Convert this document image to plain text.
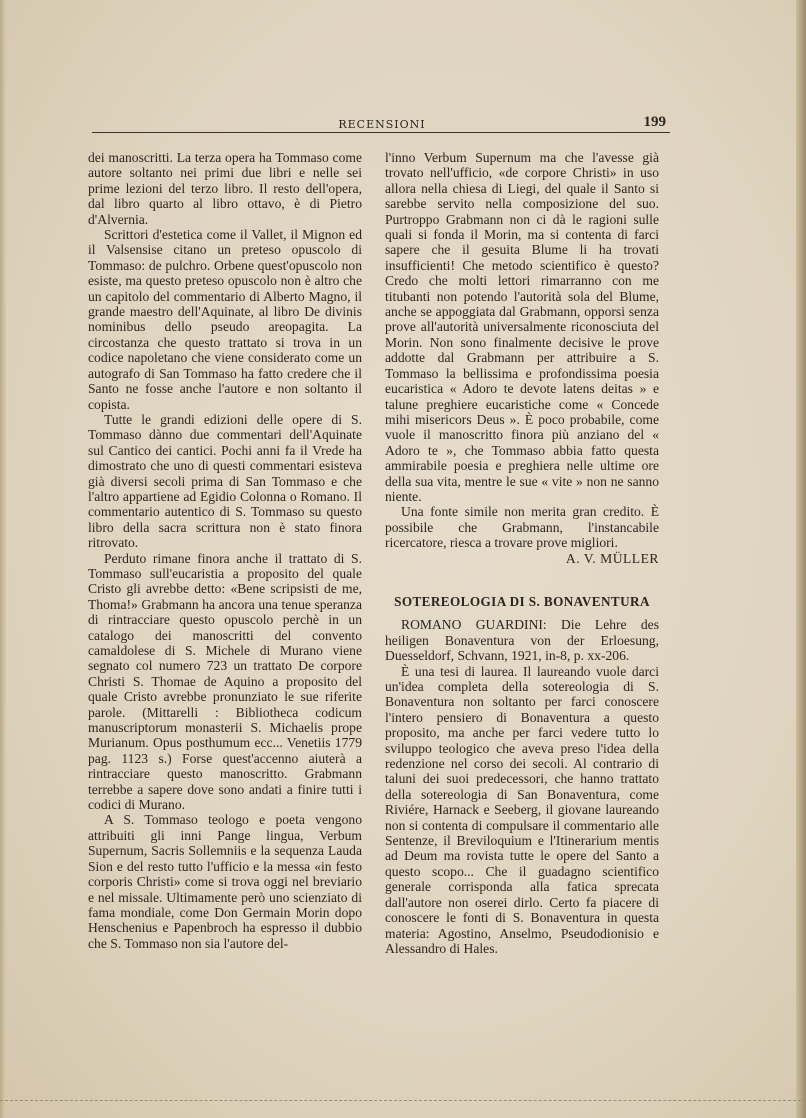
RECENSIONI	199

dei manoscritti. La terza opera ha Tommaso come autore soltanto nei primi due libri e nelle sei prime lezioni del terzo libro. Il resto dell'opera, dal libro quarto al libro ottavo, è di Pietro d'Alvernia.

Scrittori d'estetica come il Vallet, il Mignon ed il Valsensise citano un preteso opuscolo di Tommaso: de pulchro. Orbene quest'opuscolo non esiste, ma questo preteso opuscolo non è altro che un capitolo del commentario di Alberto Magno, il grande maestro dell'Aquinate, al libro De divinis nominibus dello pseudo areopagita. La circostanza che questo trattato si trova in un codice napoletano che viene considerato come un autografo di San Tommaso ha fatto credere che il Santo ne fosse anche l'autore e non soltanto il copista.

Tutte le grandi edizioni delle opere di S. Tommaso dànno due commentari dell'Aquinate sul Cantico dei cantici. Pochi anni fa il Vrede ha dimostrato che uno di questi commentari esisteva già diversi secoli prima di San Tommaso e che l'altro appartiene ad Egidio Colonna o Romano. Il commentario autentico di S. Tommaso su questo libro della sacra scrittura non è stato finora ritrovato.

Perduto rimane finora anche il trattato di S. Tommaso sull'eucaristia a proposito del quale Cristo gli avrebbe detto: «Bene scripsisti de me, Thoma!» Grabmann ha ancora una tenue speranza di rintracciare questo opuscolo perchè in un catalogo dei manoscritti del convento camaldolese di S. Michele di Murano viene segnato col numero 723 un trattato De corpore Christi S. Thomae de Aquino a proposito del quale Cristo avrebbe pronunziato le sue riferite parole. (Mittarelli : Bibliotheca codicum manuscriptorum monasterii S. Michaelis prope Murianum. Opus posthumum ecc... Venetiis 1779 pag. 1123 s.) Forse quest'accenno aiuterà a rintracciare questo manoscritto. Grabmann terrebbe a sapere dove sono andati a finire tutti i codici di Murano.

A S. Tommaso teologo e poeta vengono attribuiti gli inni Pange lingua, Verbum Supernum, Sacris Sollemniis e la sequenza Lauda Sion e del resto tutto l'ufficio e la messa «in festo corporis Christi» come si trova oggi nel breviario e nel missale. Ultimamente però uno scienziato di fama mondiale, come Don Germain Morin dopo Henschenius e Papenbroch ha espresso il dubbio che S. Tommaso non sia l'autore del-

l'inno Verbum Supernum ma che l'avesse già trovato nell'ufficio, «de corpore Christi» in uso allora nella chiesa di Liegi, del quale il Santo si sarebbe servito nella composizione del suo. Purtroppo Grabmann non ci dà le ragioni sulle quali si fonda il Morin, ma si contenta di farci sapere che il gesuita Blume li ha trovati insufficienti! Che metodo scientifico è questo? Credo che molti lettori rimarranno con me titubanti non potendo l'autorità sola del Blume, anche se appoggiata dal Grabmann, opporsi senza prove all'autorità universalmente riconosciuta del Morin. Non sono finalmente decisive le prove addotte dal Grabmann per attribuire a S. Tommaso la bellissima e profondissima poesia eucaristica « Adoro te devote latens deitas » e talune preghiere eucaristiche come « Concede mihi misericors Deus ». È poco probabile, come vuole il manoscritto finora più anziano del « Adoro te », che Tommaso abbia fatto questa ammirabile poesia e preghiera nelle ultime ore della sua vita, mentre le sue « vite » non ne sanno niente.

Una fonte simile non merita gran credito. È possibile che Grabmann, l'instancabile ricercatore, riesca a trovare prove migliori.

A. V. MÜLLER

SOTEREOLOGIA DI S. BONAVENTURA

ROMANO GUARDINI: Die Lehre des heiligen Bonaventura von der Erloesung, Duesseldorf, Schvann, 1921, in-8, p. xx-206.

È una tesi di laurea. Il laureando vuole darci un'idea completa della sotereologia di S. Bonaventura non soltanto per farci conoscere l'intero pensiero di Bonaventura a questo proposito, ma anche per farci vedere tutto lo sviluppo teologico che aveva preso l'idea della redenzione nel corso dei secoli. Al contrario di taluni dei suoi predecessori, che hanno trattato della sotereologia di San Bonaventura, come Riviére, Harnack e Seeberg, il giovane laureando non si contenta di compulsare il commentario alle Sentenze, il Breviloquium e l'Itinerarium mentis ad Deum ma rovista tutte le opere del Santo a questo scopo... Che il guadagno scientifico generale corrisponda alla fatica sprecata dall'autore non oserei dirlo. Certo fa piacere di conoscere le fonti di S. Bonaventura in questa materia: Agostino, Anselmo, Pseudodionisio e Alessandro di Hales.
